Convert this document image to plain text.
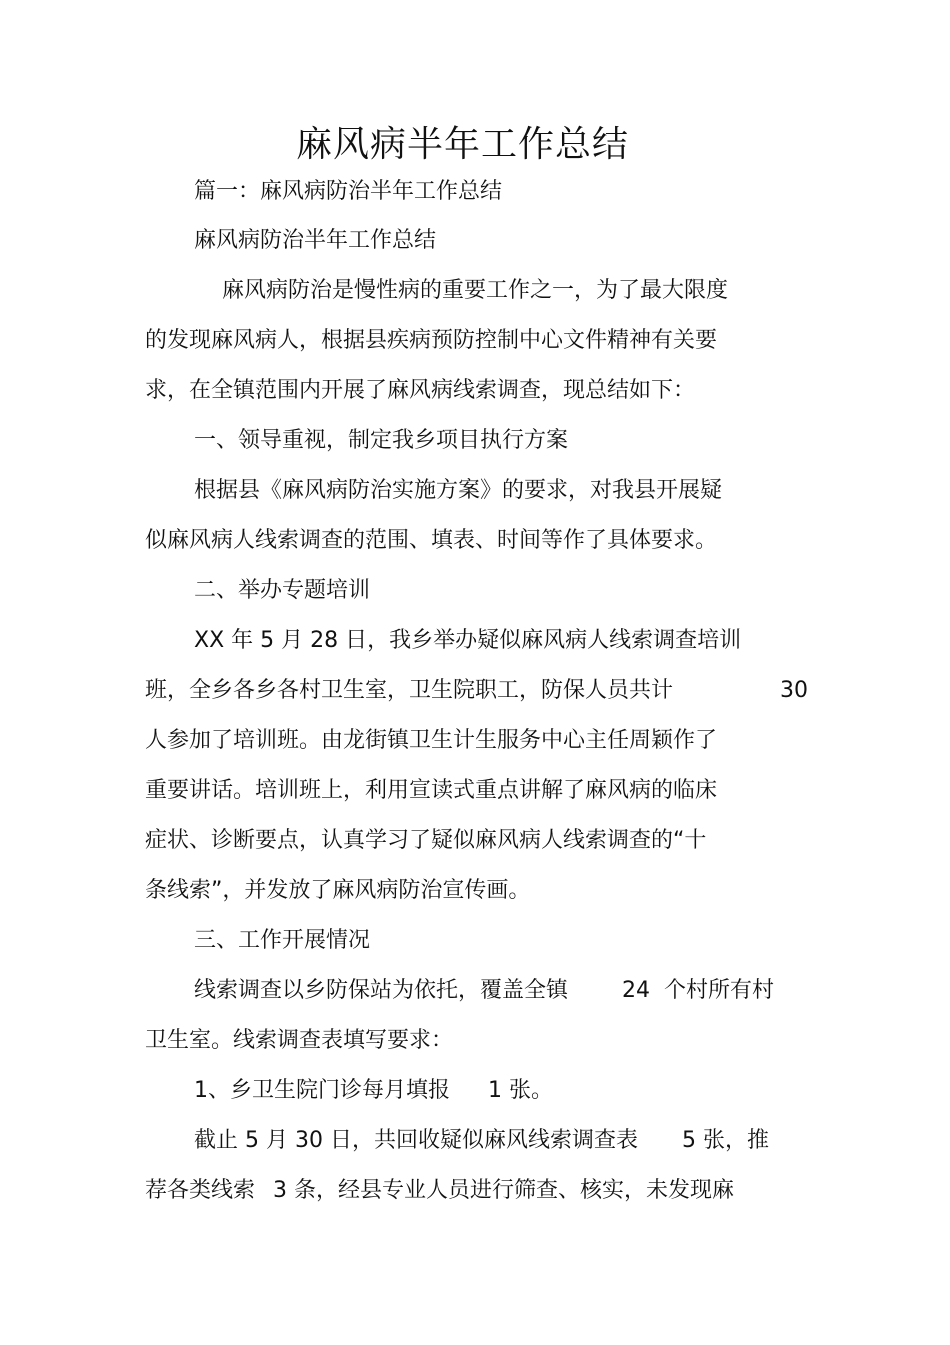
麻风病半年工作总结
篇一：麻风病防治半年工作总结
麻风病防治半年工作总结
麻风病防治是慢性病的重要工作之一，为了最大限度
的发现麻风病人，根据县疾病预防控制中心文件精神有关要
求，在全镇范围内开展了麻风病线索调查，现总结如下：
一、领导重视，制定我乡项目执行方案
根据县《麻风病防治实施方案》的要求，对我县开展疑
似麻风病人线索调查的范围、填表、时间等作了具体要求。
二、举办专题培训
XX 年 5 月 28 日，我乡举办疑似麻风病人线索调查培训
班，全乡各乡各村卫生室，卫生院职工，防保人员共计	30
人参加了培训班。由龙街镇卫生计生服务中心主任周颖作了
重要讲话。培训班上，利用宣读式重点讲解了麻风病的临床
症状、诊断要点，认真学习了疑似麻风病人线索调查的“十
条线索”，并发放了麻风病防治宣传画。
三、工作开展情况
线索调查以乡防保站为依托，覆盖全镇 24 个村所有村
卫生室。线索调查表填写要求：
1、乡卫生院门诊每月填报 1 张。
截止 5 月 30 日，共回收疑似麻风线索调查表 5 张，推
荐各类线索 3 条，经县专业人员进行筛查、核实，未发现麻
